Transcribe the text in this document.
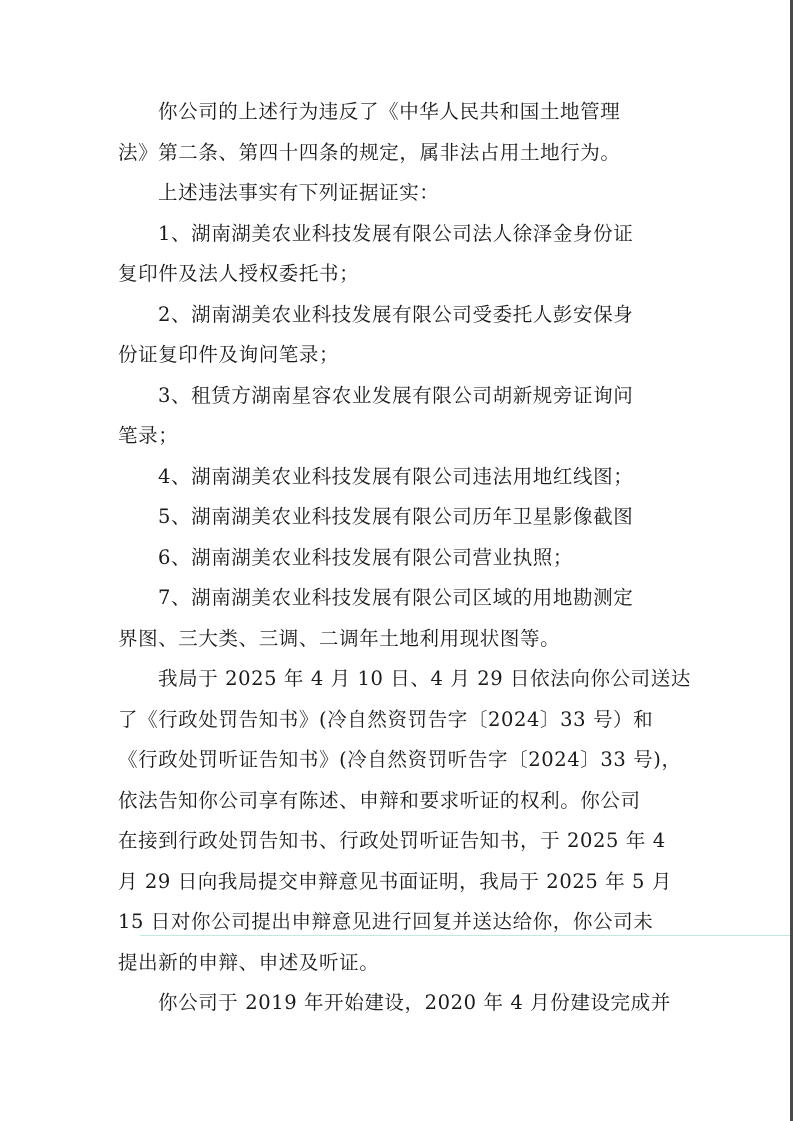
你公司的上述行为违反了《中华人民共和国土地管理
法》第二条、第四十四条的规定，属非法占用土地行为。
上述违法事实有下列证据证实：
1、湖南湖美农业科技发展有限公司法人徐泽金身份证
复印件及法人授权委托书；
2、湖南湖美农业科技发展有限公司受委托人彭安保身
份证复印件及询问笔录；
3、租赁方湖南星容农业发展有限公司胡新规旁证询问
笔录；
4、湖南湖美农业科技发展有限公司违法用地红线图；
5、湖南湖美农业科技发展有限公司历年卫星影像截图
6、湖南湖美农业科技发展有限公司营业执照；
7、湖南湖美农业科技发展有限公司区域的用地勘测定
界图、三大类、三调、二调年土地利用现状图等。
我局于 2025 年 4 月 10 日、4 月 29 日依法向你公司送达
了《行政处罚告知书》(冷自然资罚告字〔2024〕33 号）和
《行政处罚听证告知书》(冷自然资罚听告字〔2024〕33 号)，
依法告知你公司享有陈述、申辩和要求听证的权利。你公司
在接到行政处罚告知书、行政处罚听证告知书，于 2025 年 4
月 29 日向我局提交申辩意见书面证明，我局于 2025 年 5 月
15 日对你公司提出申辩意见进行回复并送达给你，你公司未
提出新的申辩、申述及听证。
你公司于 2019 年开始建设，2020 年 4 月份建设完成并
